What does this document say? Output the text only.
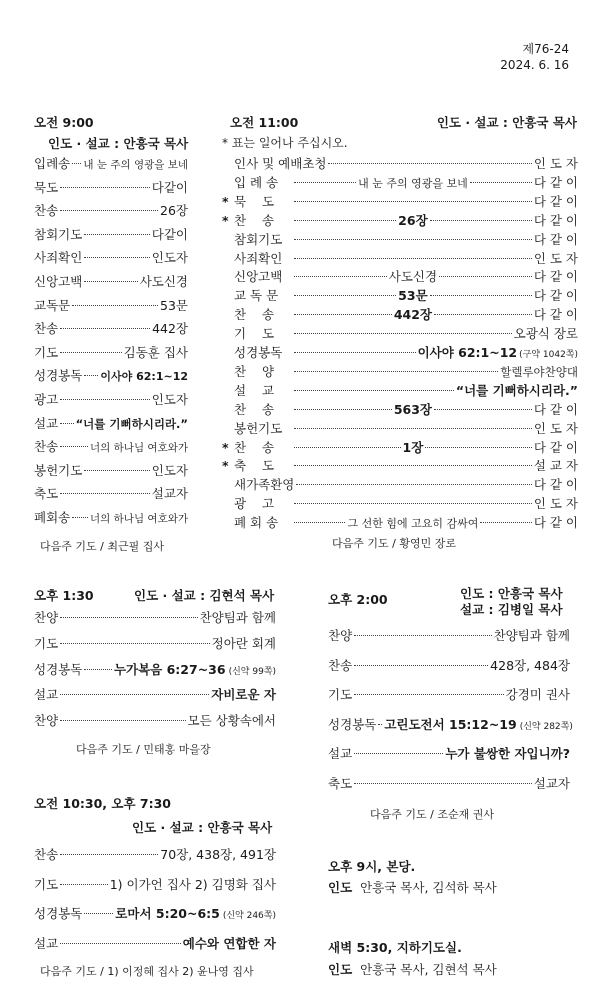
제76-24
2024. 6. 16
오전 9:00
인도 · 설교 : 안흥국 목사
오전 11:00	인도 · 설교 : 안흥국 목사
* 표는 일어나 주십시오.
오후 1:30	인도 · 설교 : 김현석 목사	오후 2:00	인도 : 안흥국 목사
설교 : 김병일 목사
오전 10:30, 오후 7:30
인도 · 설교 : 안흥국 목사
오후 9시, 본당.
인도 안흥국 목사, 김석하 목사
새벽 5:30, 지하기도실.
인도 안흥국 목사, 김현석 목사
입례송 내 눈 주의 영광을 보네
묵도	다같이
찬송	26장
참회기도	다같이
사죄확인	인도자
신앙고백	사도신경
교독문	53문
찬송	442장
기도	김동훈 집사
성경봉독 이사야 62:1~12
광고	인도자
설교 “너를 기뻐하시리라.”
찬송	너의 하나님 여호와가
봉헌기도	인도자
축도	설교자
폐회송 너의 하나님 여호와가
다음주 기도 / 최근필 집사
찬양	찬양팀과 함께
기도	정아란 회계
성경봉독	누가복음 6:27~36 (신약 99쪽)
설교	자비로운 자
찬양	모든 상황속에서
다음주 기도 / 민태홍 마을장
찬양	찬양팀과 함께
찬송	428장, 484장
기도	강경미 권사
성경봉독 고린도전서 15:12~19 (신약 282쪽)
설교	누가 불쌍한 자입니까?
축도	설교자
다음주 기도 / 조순재 권사
찬송	70장, 438장, 491장
기도	1) 이가언 집사 2) 김명화 집사
성경봉독	로마서 5:20~6:5 (신약 246쪽)
설교	예수와 연합한 자
다음주 기도 / 1) 이정혜 집사 2) 윤나영 집사
인사 및 예배초청	인 도 자
입 례 송	내 눈 주의 영광을 보네	다 같 이
* 묵    도	다 같 이
* 찬    송	26장	다 같 이
참회기도	다 같 이
사죄확인	인 도 자
신앙고백	사도신경	다 같 이
교 독 문	53문	다 같 이
찬    송	442장	다 같 이
기    도	오광식 장로
성경봉독	이사야 62:1~12 (구약 1042쪽)
찬    양	할렐루야찬양대
설    교	“너를 기뻐하시리라.”
찬    송	563장	다 같 이
봉헌기도	인 도 자
* 찬    송	1장	다 같 이
* 축    도	설 교 자
새가족환영	다 같 이
광    고	인 도 자
폐 회 송	그 선한 힘에 고요히 감싸여	다 같 이
다음주 기도 / 황영민 장로
